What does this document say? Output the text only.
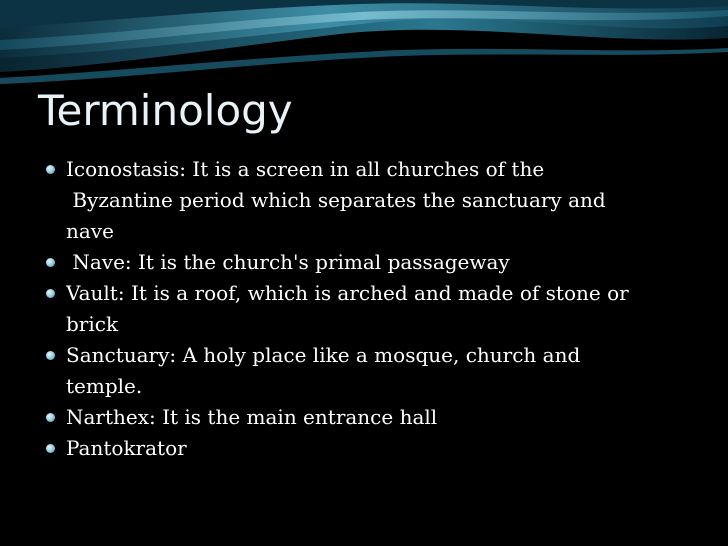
Terminology
Iconostasis: It is a screen in all churches of the
Byzantine period which separates the sanctuary and
nave
Nave: It is the church's primal passageway
Vault: It is a roof, which is arched and made of stone or
brick
Sanctuary: A holy place like a mosque, church and
temple.
Narthex: It is the main entrance hall
Pantokrator
